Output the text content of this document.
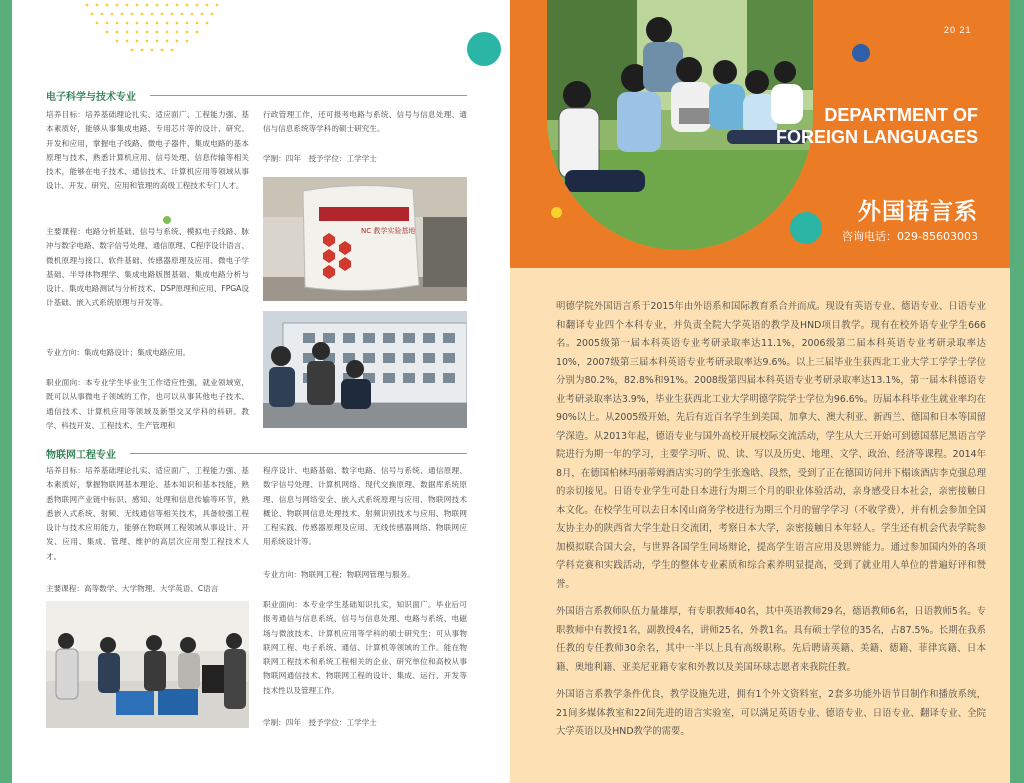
电子科学与技术专业
培养目标：培养基础理论扎实、适应面广、工程能力强、基本素质好，能够从事集成电路、专用芯片等的设计、研究、开发和应用，掌握电子线路、微电子器件、集成电路的基本原理与技术，熟悉计算机应用、信号处理、信息传输等相关技术，能够在电子技术、通信技术、计算机应用等领域从事设计、开发、研究、应用和管理的高级工程技术专门人才。
主要课程：电路分析基础、信号与系统、模拟电子线路、脉冲与数字电路、数字信号处理、通信原理、C程序设计语言、微机原理与接口、软件基础、传感器原理及应用、微电子学基础、半导体物理学、集成电路版图基础、集成电路分析与设计、集成电路测试与分析技术、DSP原理和应用、FPGA设计基础、嵌入式系统原理与开发等。
专业方向：集成电路设计；集成电路应用。
职业面向：本专业学生毕业生工作适应性强，就业领域宽，既可以从事微电子领域的工作，也可以从事其他电子技术、通信技术、计算机应用等领域及新型交叉学科的科研、教学、科技开发、工程技术、生产管理和
行政管理工作，还可报考电路与系统、信号与信息处理、通信与信息系统等学科的硕士研究生。
学制：四年　授予学位：工学学士
NC 教学实验基地
物联网工程专业
培养目标：培养基础理论扎实、适应面广、工程能力强、基本素质好，掌握物联网基本理论、基本知识和基本技能，熟悉物联网产业链中标识、感知、处理和信息传输等环节，熟悉嵌入式系统、射频、无线通信等相关技术，具备较强工程设计与技术应用能力，能够在物联网工程领域从事设计、开发、应用、集成、管理、维护的高层次应用型工程技术人才。
主要课程：高等数学、大学物理、大学英语、C语言
程序设计、电路基础、数字电路、信号与系统、通信原理、数字信号处理、计算机网络、现代交换原理、数据库系统原理、信息与网络安全、嵌入式系统原理与应用、物联网技术概论、物联网信息处理技术、射频识别技术与应用、物联网工程实践、传感器原理及应用、无线传感器网络、物联网应用系统设计等。
专业方向：物联网工程；物联网管理与服务。
职业面向：本专业学生基础知识扎实，知识面广。毕业后可报考通信与信息系统、信号与信息处理、电路与系统、电磁场与微波技术、计算机应用等学科的硕士研究生；可从事物联网工程、电子系统、通信、计算机等领域的工作。能在物联网工程技术和系统工程相关的企业、研究单位和高校从事物联网通信技术、物联网工程的设计、集成、运行、开发等技术性以及管理工作。
学制：四年　授予学位：工学学士
20 21
DEPARTMENT OF FOREIGN LANGUAGES
外国语言系
咨询电话：029-85603003

明德学院外国语言系于2015年由外语系和国际教育系合并而成。现设有英语专业、德语专业、日语专业和翻译专业四个本科专业，并负责全院大学英语的教学及HND项目教学。现有在校外语专业学生666名。2005级第一届本科英语专业考研录取率达11.1%，2006级第二届本科英语专业考研录取率达10%，2007级第三届本科英语专业考研录取率达9.6%。以上三届毕业生获西北工业大学工学学士学位分别为80.2%，82.8%和91%。2008级第四届本科英语专业考研录取率达13.1%，第一届本科德语专业考研录取率达3.9%，毕业生获西北工业大学明德学院学士学位为96.6%。历届本科毕业生就业率均在90%以上。从2005级开始，先后有近百名学生到美国、加拿大、澳大利亚、新西兰、德国和日本等国留学深造。从2013年起，德语专业与国外高校开展校际交流活动，学生从大三开始可到德国慕尼黑语言学院进行为期一年的学习，主要学习听、说、读、写以及历史、地理、文学、政治、经济等课程。2014年8月，在德国柏林玛丽蒂姆酒店实习的学生张逸晗、段然，受到了正在德国访问并下榻该酒店李克强总理的亲切接见。日语专业学生可赴日本进行为期三个月的职业体验活动，亲身感受日本社会，亲密接触日本文化。在校学生可以去日本冈山商务学校进行为期三个月的留学学习（不收学费），并有机会参加全国友协主办的陕西省大学生赴日交流团，考察日本大学，亲密接触日本年轻人。学生还有机会代表学院参加模拟联合国大会，与世界各国学生同场辩论，提高学生语言应用及思辨能力。通过参加国内外的各项学科竞赛和实践活动，学生的整体专业素质和综合素养明显提高，受到了就业用人单位的普遍好评和赞誉。

外国语言系教师队伍力量雄厚，有专职教师40名，其中英语教师29名，德语教师6名，日语教师5名。专职教师中有教授1名，副教授4名，讲师25名，外教1名。具有硕士学位的35名，占87.5%。长期在我系任教的专任教师30余名，其中一半以上具有高级职称。先后聘请英籍、美籍、德籍、菲律宾籍、日本籍、奥地利籍、亚美尼亚籍专家和外教以及美国环球志愿者来我院任教。

外国语言系教学条件优良，教学设施先进，拥有1个外文资料室，2套多功能外语节目制作和播放系统，21间多媒体教室和22间先进的语言实验室，可以满足英语专业、德语专业、日语专业、翻译专业、全院大学英语以及HND教学的需要。
